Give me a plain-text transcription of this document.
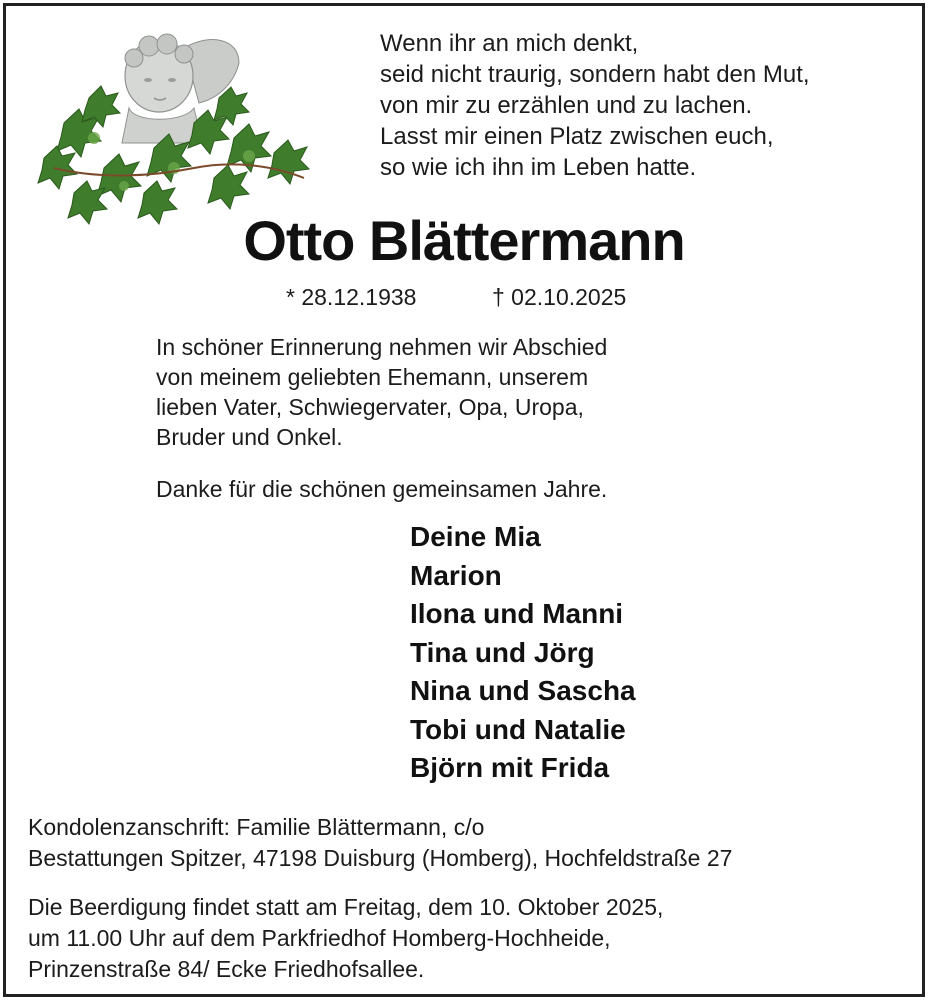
Wenn ihr an mich denkt,
seid nicht traurig, sondern habt den Mut,
von mir zu erzählen und zu lachen.
Lasst mir einen Platz zwischen euch,
so wie ich ihn im Leben hatte.
Otto Blättermann
* 28.12.1938	† 02.10.2025
In schöner Erinnerung nehmen wir Abschied
von meinem geliebten Ehemann, unserem
lieben Vater, Schwiegervater, Opa, Uropa,
Bruder und Onkel.
Danke für die schönen gemeinsamen Jahre.
Deine Mia
Marion
Ilona und Manni
Tina und Jörg
Nina und Sascha
Tobi und Natalie
Björn mit Frida
Kondolenzanschrift: Familie Blättermann, c/o
Bestattungen Spitzer, 47198 Duisburg (Homberg), Hochfeldstraße 27
Die Beerdigung findet statt am Freitag, dem 10. Oktober 2025,
um 11.00 Uhr auf dem Parkfriedhof Homberg-Hochheide,
Prinzenstraße 84/ Ecke Friedhofsallee.
